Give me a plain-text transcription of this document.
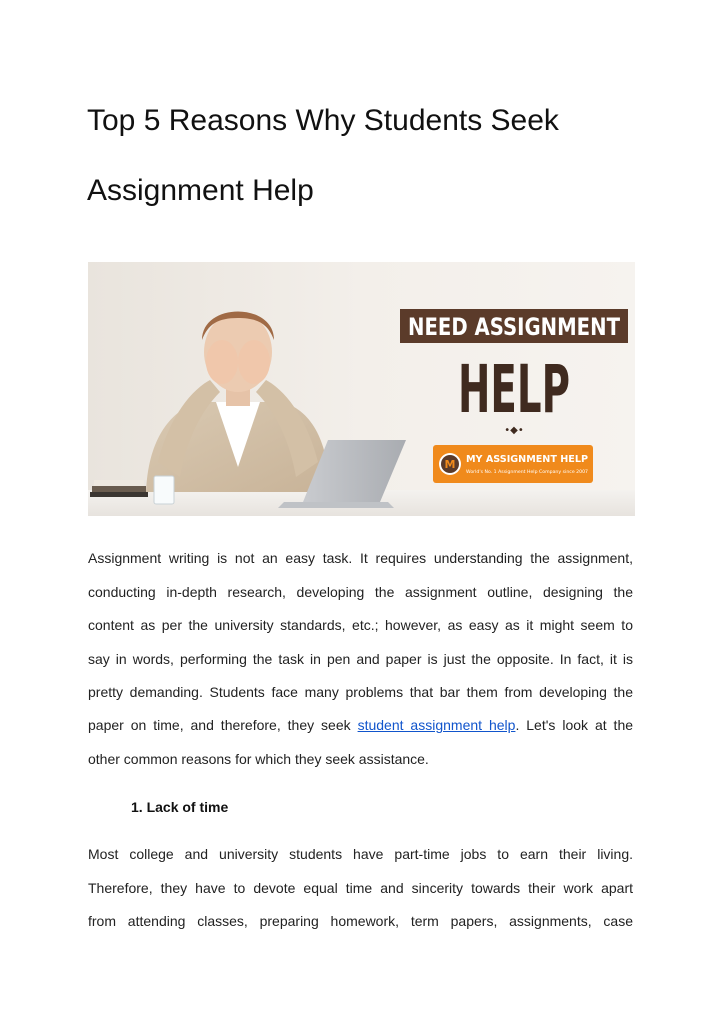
Top 5 Reasons Why Students Seek
Assignment Help
NEED ASSIGNMENT
HELP
•◆•
M MY ASSIGNMENT HELP
World's No. 1 Assignment Help Company since 2007
Assignment writing is not an easy task. It requires understanding the assignment,
conducting in-depth research, developing the assignment outline, designing the
content as per the university standards, etc.; however, as easy as it might seem to
say in words, performing the task in pen and paper is just the opposite. In fact, it is
pretty demanding. Students face many problems that bar them from developing the
paper on time, and therefore, they seek student assignment help. Let's look at the
other common reasons for which they seek assistance.
1. Lack of time
Most college and university students have part-time jobs to earn their living.
Therefore, they have to devote equal time and sincerity towards their work apart
from attending classes, preparing homework, term papers, assignments, case
